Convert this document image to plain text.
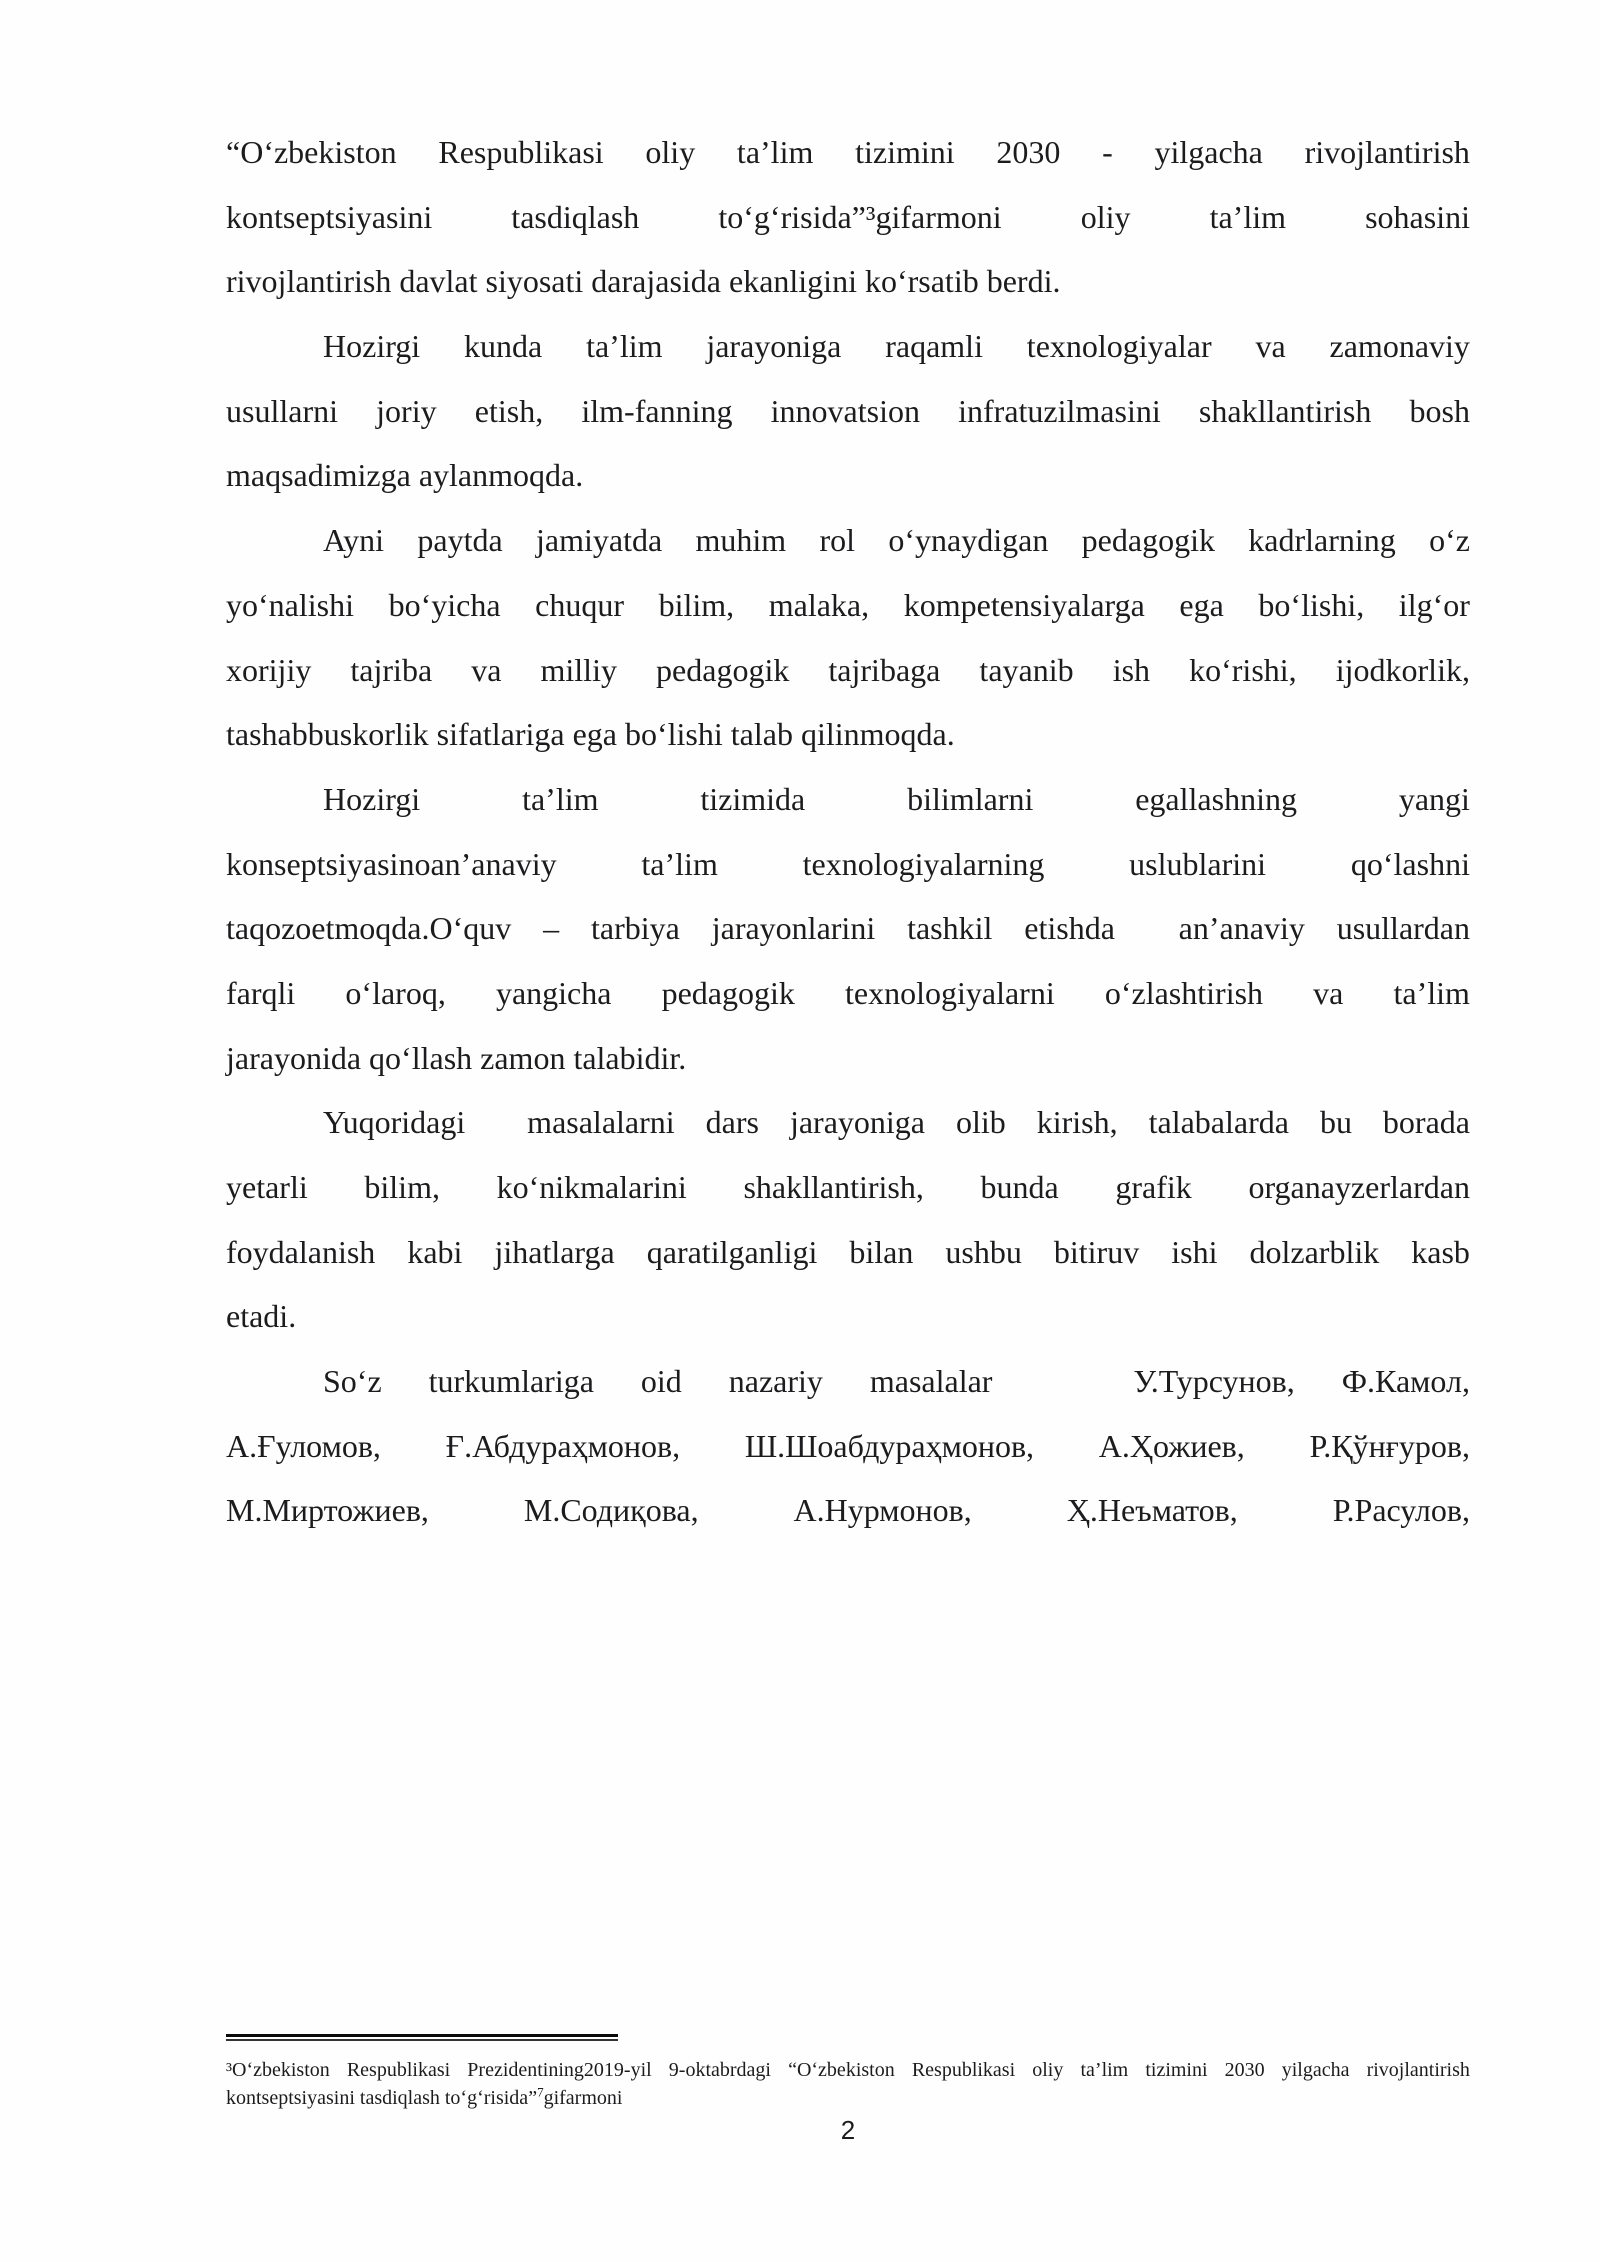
“O‘zbekiston Respublikasi oliy ta’lim tizimini 2030 - yilgacha rivojlantirish
kontseptsiyasini tasdiqlash to‘g‘risida”³gifarmoni oliy ta’lim sohasini
rivojlantirish davlat siyosati darajasida ekanligini ko‘rsatib berdi.
Hozirgi kunda ta’lim jarayoniga raqamli texnologiyalar va zamonaviy
usullarni joriy etish, ilm-fanning innovatsion infratuzilmasini shakllantirish bosh
maqsadimizga aylanmoqda.
Ayni paytda jamiyatda muhim rol o‘ynaydigan pedagogik kadrlarning o‘z
yo‘nalishi bo‘yicha chuqur bilim, malaka, kompetensiyalarga ega bo‘lishi, ilg‘or
xorijiy tajriba va milliy pedagogik tajribaga tayanib ish ko‘rishi, ijodkorlik,
tashabbuskorlik sifatlariga ega bo‘lishi talab qilinmoqda.
Hozirgi	ta’lim	tizimida	bilimlarni	egallashning	yangi
konseptsiyasinoan’anaviy	ta’lim	texnologiyalarning	uslublarini	qo‘lashni
taqozoetmoqda.O‘quv – tarbiya jarayonlarini tashkil etishda an’anaviy usullardan
farqli o‘laroq, yangicha pedagogik texnologiyalarni o‘zlashtirish va ta’lim
jarayonida qo‘llash zamon talabidir.
Yuqoridagi masalalarni dars jarayoniga olib kirish, talabalarda bu borada
yetarli bilim, ko‘nikmalarini shakllantirish, bunda grafik organayzerlardan
foydalanish kabi jihatlarga qaratilganligi bilan ushbu bitiruv ishi dolzarblik kasb
etadi.
So‘z turkumlariga oid nazariy masalalar	У.Турсунов, Ф.Камол,
А.Ғуломов, Ғ.Абдураҳмонов, Ш.Шоабдураҳмонов, А.Ҳожиев, Р.Қўнғуров,
М.Миртожиев,	М.Содиқова,	А.Нурмонов,	Ҳ.Неъматов,	Р.Расулов,
³O‘zbekiston Respublikasi Prezidentining2019-yil 9-oktabrdagi “O‘zbekiston Respublikasi oliy ta’lim tizimini 2030 yilgacha rivojlantirish
kontseptsiyasini tasdiqlash to‘g‘risida”$^7$gifarmoni
2
